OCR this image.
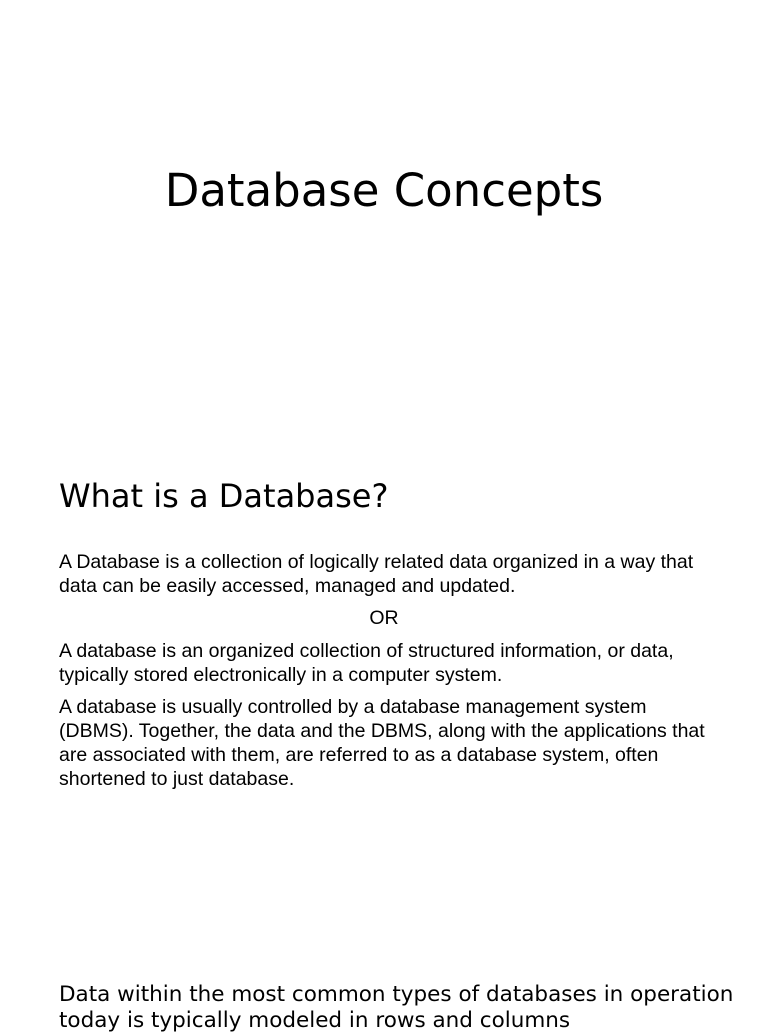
Database Concepts
What is a Database?

A Database is a collection of logically related data organized in a way that data can be easily accessed, managed and updated.

OR

A database is an organized collection of structured information, or data, typically stored electronically in a computer system.

A database is usually controlled by a database management system (DBMS). Together, the data and the DBMS, along with the applications that are associated with them, are referred to as a database system, often shortened to just database.

Data within the most common types of databases in operation today is typically modeled in rows and columns
